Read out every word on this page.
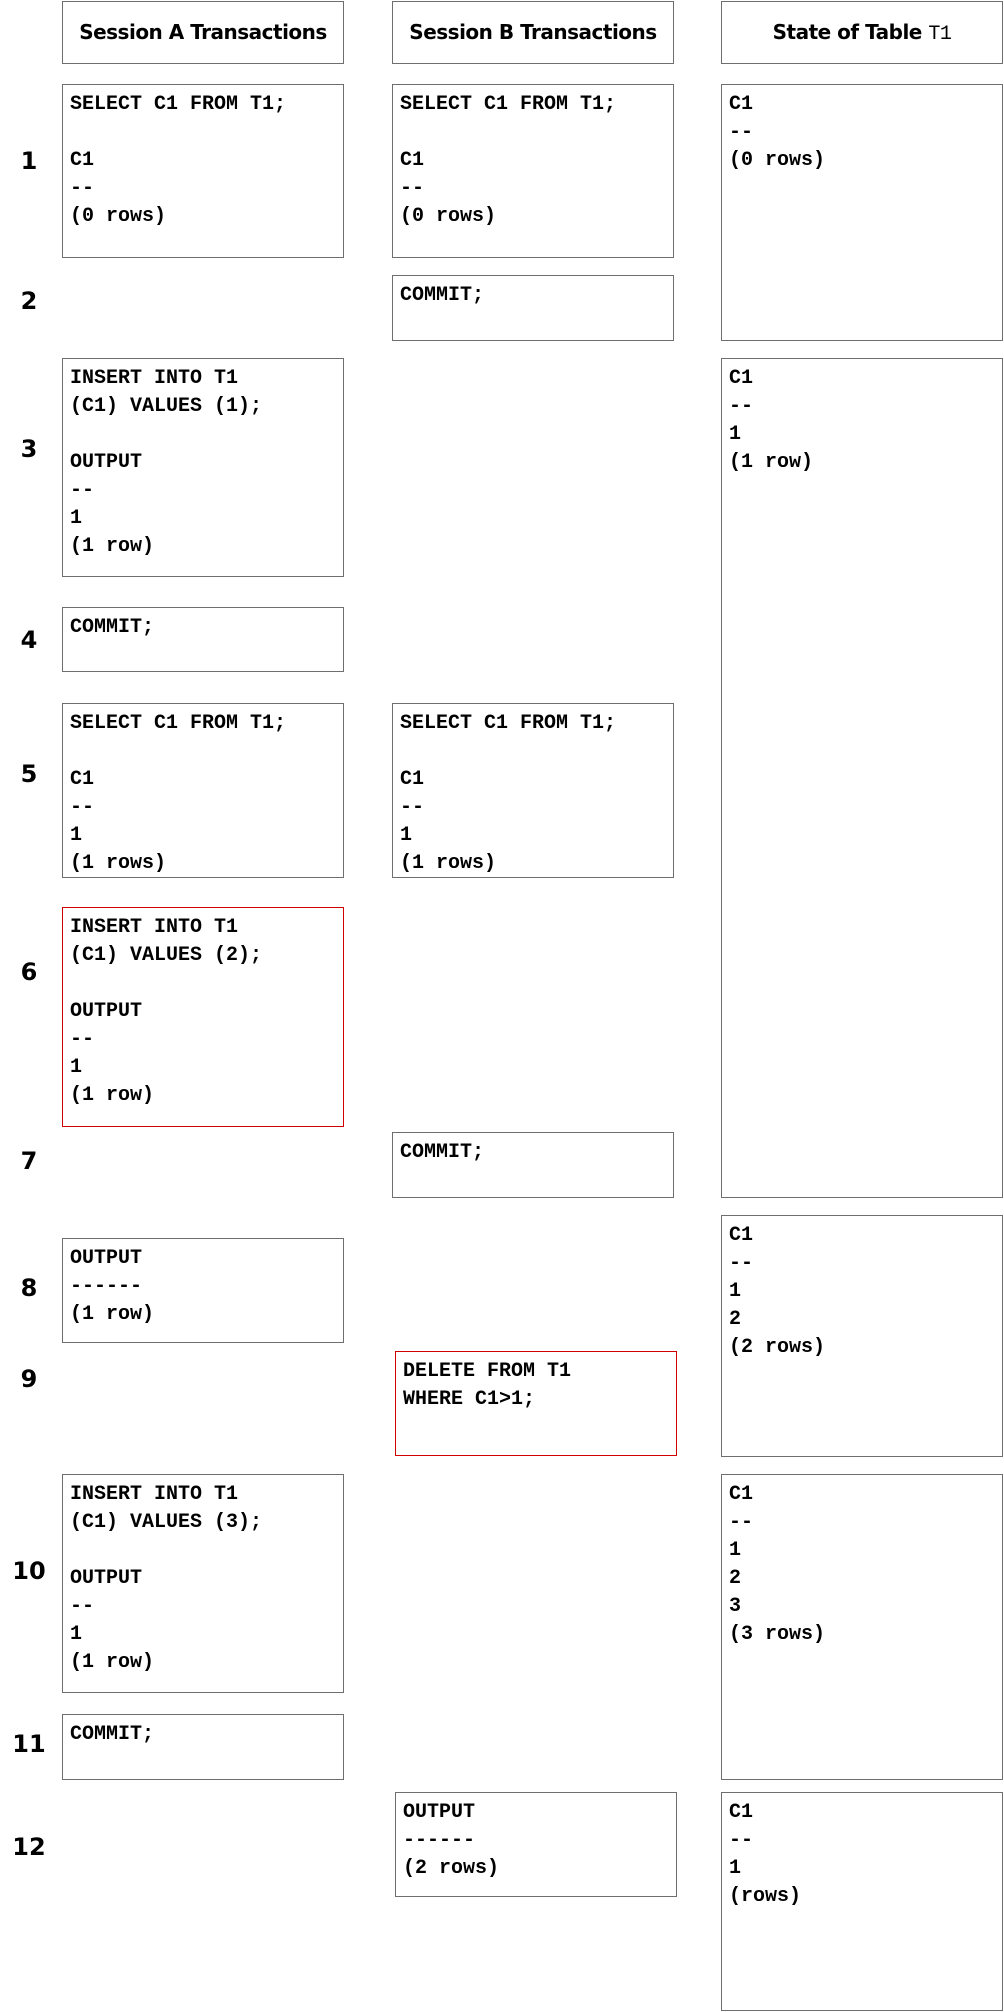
Session A Transactions	Session B Transactions	State of Table T1
1
2
3
4
5
6
7
8
9
10
11
12
SELECT C1 FROM T1;

C1
--
(0 rows)
INSERT INTO T1
(C1) VALUES (1);

OUTPUT
--
1
(1 row)
COMMIT;
SELECT C1 FROM T1;

C1
--
1
(1 rows)
INSERT INTO T1
(C1) VALUES (2);

OUTPUT
--
1
(1 row)
OUTPUT
------
(1 row)
INSERT INTO T1
(C1) VALUES (3);

OUTPUT
--
1
(1 row)
COMMIT;
SELECT C1 FROM T1;

C1
--
(0 rows)
COMMIT;
SELECT C1 FROM T1;

C1
--
1
(1 rows)
COMMIT;
DELETE FROM T1
WHERE C1>1;
OUTPUT
------
(2 rows)
C1
--
(0 rows)
C1
--
1
(1 row)
C1
--
1
2
(2 rows)
C1
--
1
2
3
(3 rows)
C1
--
1
(rows)
